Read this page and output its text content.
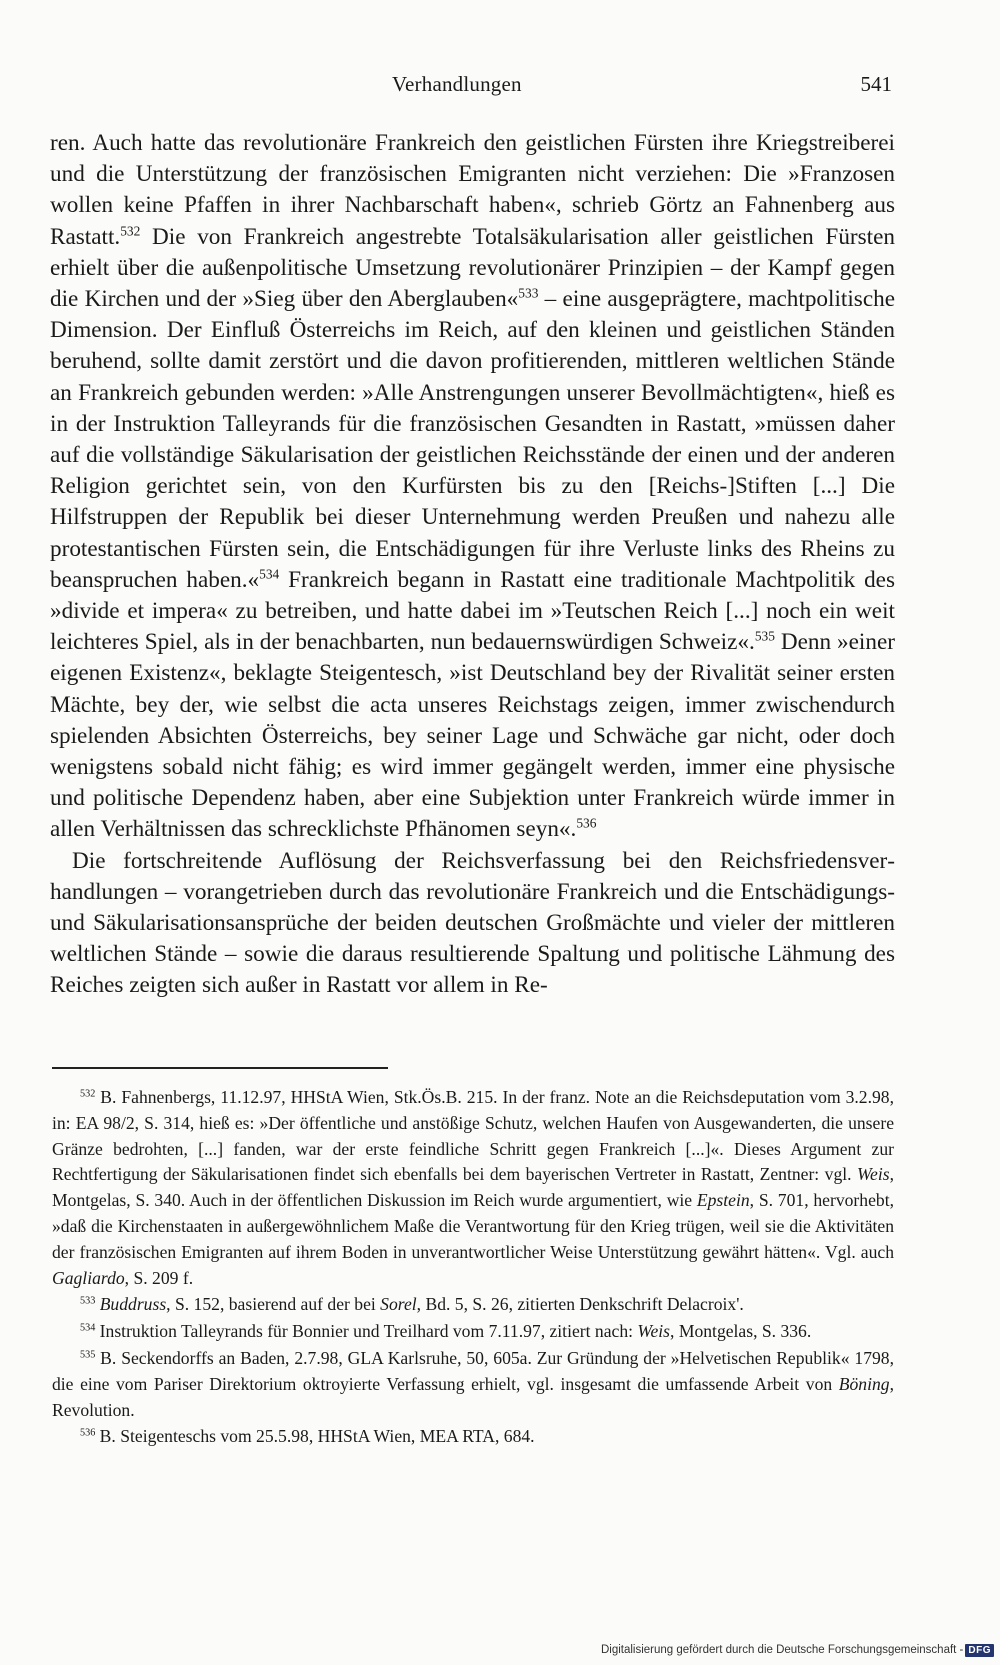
Verhandlungen	541

ren. Auch hatte das revolutionäre Frankreich den geistlichen Fürsten ihre Kriegstreiberei und die Unterstützung der französischen Emigranten nicht verziehen: Die »Franzosen wollen keine Pfaffen in ihrer Nachbarschaft haben«, schrieb Görtz an Fahnenberg aus Rastatt.$^{532}$ Die von Frankreich angestrebte Totalsäkularisation aller geistlichen Fürsten erhielt über die außenpolitische Umsetzung revolutionärer Prinzipien – der Kampf gegen die Kirchen und der »Sieg über den Aberglauben«$^{533}$ – eine ausgeprägtere, machtpolitische Dimension. Der Einfluß Österreichs im Reich, auf den kleinen und geistlichen Ständen beruhend, sollte damit zerstört und die davon profitierenden, mittleren weltlichen Stände an Frankreich gebunden werden: »Alle Anstrengungen unserer Bevollmächtigten«, hieß es in der Instruktion Talleyrands für die französischen Gesandten in Rastatt, »müssen daher auf die vollständige Säkularisation der geistlichen Reichsstände der einen und der anderen Religion gerichtet sein, von den Kurfürsten bis zu den [Reichs-]Stiften [...] Die Hilfstruppen der Republik bei dieser Unternehmung werden Preußen und nahezu alle protestantischen Fürsten sein, die Entschädigungen für ihre Verluste links des Rheins zu beanspruchen haben.«$^{534}$ Frankreich begann in Rastatt eine traditionale Machtpolitik des »divide et impera« zu betreiben, und hatte dabei im »Teutschen Reich [...] noch ein weit leichteres Spiel, als in der benachbarten, nun bedauernswürdigen Schweiz«.$^{535}$ Denn »einer eigenen Existenz«, beklagte Steigentesch, »ist Deutschland bey der Rivalität seiner ersten Mächte, bey der, wie selbst die acta unseres Reichstags zeigen, immer zwischendurch spielenden Absichten Österreichs, bey seiner Lage und Schwäche gar nicht, oder doch wenigstens sobald nicht fähig; es wird immer gegängelt werden, immer eine physische und politische Dependenz haben, aber eine Subjektion unter Frankreich würde immer in allen Verhältnissen das schrecklichste Pfhänomen seyn«.$^{536}$

Die fortschreitende Auflösung der Reichsverfassung bei den Reichsfriedensverhandlungen – vorangetrieben durch das revolutionäre Frankreich und die Entschädigungs- und Säkularisationsansprüche der beiden deutschen Großmächte und vieler der mittleren weltlichen Stände – sowie die daraus resultierende Spaltung und politische Lähmung des Reiches zeigten sich außer in Rastatt vor allem in Re-

$^{532}$ B. Fahnenbergs, 11.12.97, HHStA Wien, Stk.Ös.B. 215. In der franz. Note an die Reichsdeputation vom 3.2.98, in: EA 98/2, S. 314, hieß es: »Der öffentliche und anstößige Schutz, welchen Haufen von Ausgewanderten, die unsere Gränze bedrohten, [...] fanden, war der erste feindliche Schritt gegen Frankreich [...]«. Dieses Argument zur Rechtfertigung der Säkularisationen findet sich ebenfalls bei dem bayerischen Vertreter in Rastatt, Zentner: vgl. Weis, Montgelas, S. 340. Auch in der öffentlichen Diskussion im Reich wurde argumentiert, wie Epstein, S. 701, hervorhebt, »daß die Kirchenstaaten in außergewöhnlichem Maße die Verantwortung für den Krieg trügen, weil sie die Aktivitäten der französischen Emigranten auf ihrem Boden in unverantwortlicher Weise Unterstützung gewährt hätten«. Vgl. auch Gagliardo, S. 209 f.

$^{533}$ Buddruss, S. 152, basierend auf der bei Sorel, Bd. 5, S. 26, zitierten Denkschrift Delacroix'.

$^{534}$ Instruktion Talleyrands für Bonnier und Treilhard vom 7.11.97, zitiert nach: Weis, Montgelas, S. 336.

$^{535}$ B. Seckendorffs an Baden, 2.7.98, GLA Karlsruhe, 50, 605a. Zur Gründung der »Helvetischen Republik« 1798, die eine vom Pariser Direktorium oktroyierte Verfassung erhielt, vgl. insgesamt die umfassende Arbeit von Böning, Revolution.

$^{536}$ B. Steigenteschs vom 25.5.98, HHStA Wien, MEA RTA, 684.

Digitalisierung gefördert durch die Deutsche Forschungsgemeinschaft - DFG
